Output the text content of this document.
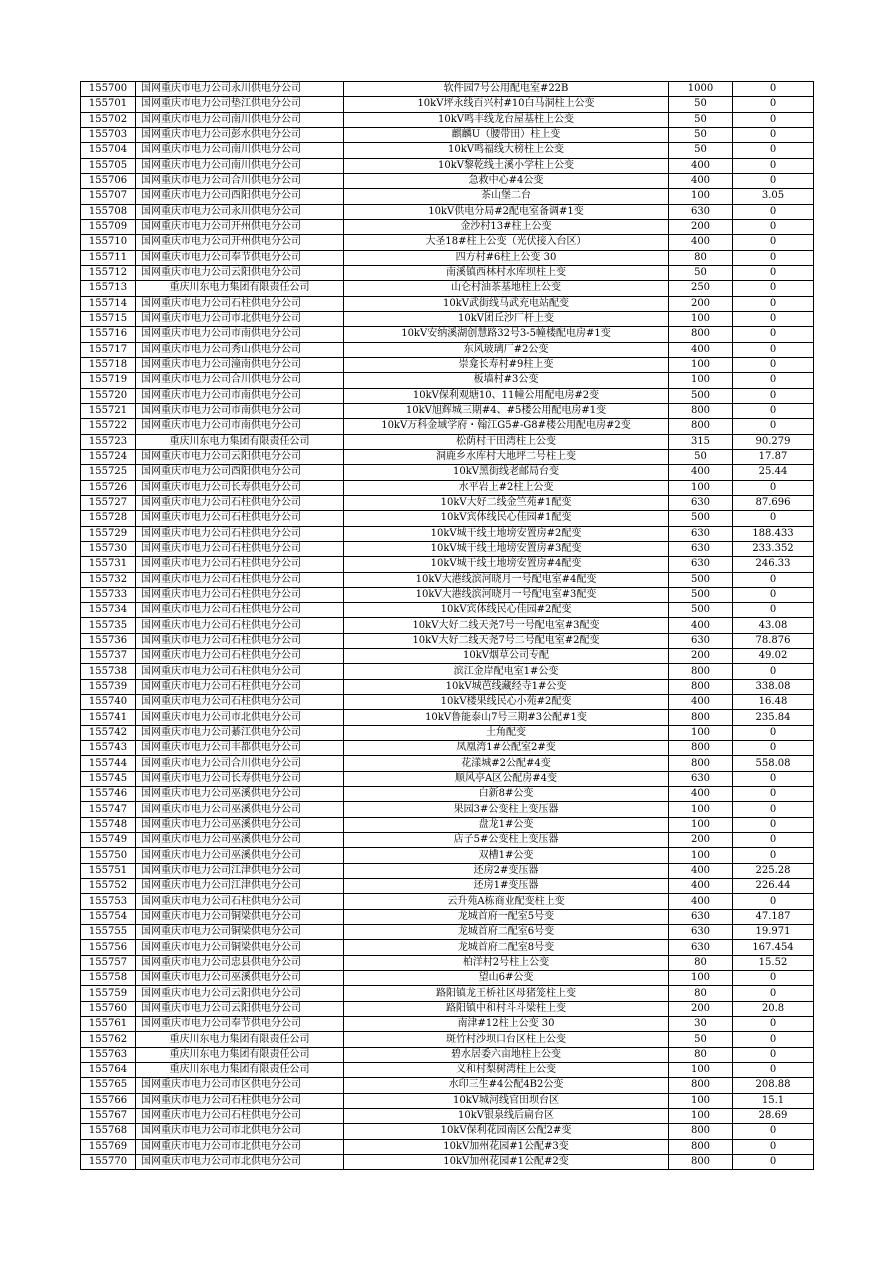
155700	国网重庆市电力公司永川供电分公司	软件园7号公用配电室#22B	1000	0
155701	国网重庆市电力公司垫江供电分公司	10kV坪永线百兴村#10白马洞柱上公变	50	0
155702	国网重庆市电力公司南川供电分公司	10kV鸣丰线龙台屋基柱上公变	50	0
155703	国网重庆市电力公司彭水供电分公司	麒麟U（腰带田）柱上变	50	0
155704	国网重庆市电力公司南川供电分公司	10kV鸣福线大榜柱上公变	50	0
155705	国网重庆市电力公司南川供电分公司	10kV黎乾线土溪小学柱上公变	400	0
155706	国网重庆市电力公司合川供电分公司	急救中心#4公变	400	0
155707	国网重庆市电力公司酉阳供电分公司	茶山堡二台	100	3.05
155708	国网重庆市电力公司永川供电分公司	10kV供电分局#2配电室备调#1变	630	0
155709	国网重庆市电力公司开州供电分公司	金沙村13#柱上公变	200	0
155710	国网重庆市电力公司开州供电分公司	大圣18#柱上公变（光伏接入台区）	400	0
155711	国网重庆市电力公司奉节供电分公司	四方村#6柱上公变 30	80	0
155712	国网重庆市电力公司云阳供电分公司	南溪镇西林村水库坝柱上变	50	0
155713	重庆川东电力集团有限责任公司	山仑村油茶基地柱上公变	250	0
155714	国网重庆市电力公司石柱供电分公司	10kV武街线马武充电站配变	200	0
155715	国网重庆市电力公司市北供电分公司	10kV团丘沙厂杆上变	100	0
155716	国网重庆市电力公司市南供电分公司	10kV安纳溪湖创慧路32号3-5幢楼配电房#1变	800	0
155717	国网重庆市电力公司秀山供电分公司	东风玻璃厂#2公变	400	0
155718	国网重庆市电力公司潼南供电分公司	崇龛长寿村#9柱上变	100	0
155719	国网重庆市电力公司合川供电分公司	板墙村#3公变	100	0
155720	国网重庆市电力公司市南供电分公司	10kV保利观塘10、11幢公用配电房#2变	500	0
155721	国网重庆市电力公司市南供电分公司	10kV旭辉城三期#4、#5楼公用配电房#1变	800	0
155722	国网重庆市电力公司市南供电分公司	10kV万科金域学府・翰江G5#-G8#楼公用配电房#2变	800	0
155723	重庆川东电力集团有限责任公司	松荫村干田湾柱上公变	315	90.279
155724	国网重庆市电力公司云阳供电分公司	洞鹿乡水库村大地坪二号柱上变	50	17.87
155725	国网重庆市电力公司酉阳供电分公司	10kV黑街线老邮局台变	400	25.44
155726	国网重庆市电力公司长寿供电分公司	水平岩上#2柱上公变	100	0
155727	国网重庆市电力公司石柱供电分公司	10kV大好二线金竺苑#1配变	630	87.696
155728	国网重庆市电力公司石柱供电分公司	10kV宾体线民心佳园#1配变	500	0
155729	国网重庆市电力公司石柱供电分公司	10kV城干线土地塝安置房#2配变	630	188.433
155730	国网重庆市电力公司石柱供电分公司	10kV城干线土地塝安置房#3配变	630	233.352
155731	国网重庆市电力公司石柱供电分公司	10kV城干线土地塝安置房#4配变	630	246.33
155732	国网重庆市电力公司石柱供电分公司	10kV大港线滨河晓月一号配电室#4配变	500	0
155733	国网重庆市电力公司石柱供电分公司	10kV大港线滨河晓月一号配电室#3配变	500	0
155734	国网重庆市电力公司石柱供电分公司	10kV宾体线民心佳园#2配变	500	0
155735	国网重庆市电力公司石柱供电分公司	10kV大好二线天尧7号一号配电室#3配变	400	43.08
155736	国网重庆市电力公司石柱供电分公司	10kV大好二线天尧7号二号配电室#2配变	630	78.876
155737	国网重庆市电力公司石柱供电分公司	10kV烟草公司专配	200	49.02
155738	国网重庆市电力公司石柱供电分公司	滨江金岸配电室1#公变	800	0
155739	国网重庆市电力公司石柱供电分公司	10kV城芭线藏经寺1#公变	800	338.08
155740	国网重庆市电力公司石柱供电分公司	10kV楼果线民心小苑#2配变	400	16.48
155741	国网重庆市电力公司市北供电分公司	10kV鲁能泰山7号三期#3公配#1变	800	235.84
155742	国网重庆市电力公司綦江供电分公司	土角配变	100	0
155743	国网重庆市电力公司丰都供电分公司	凤凰湾1#公配室2#变	800	0
155744	国网重庆市电力公司合川供电分公司	花漾城#2公配#4变	800	558.08
155745	国网重庆市电力公司长寿供电分公司	顺风亭A区公配房#4变	630	0
155746	国网重庆市电力公司巫溪供电分公司	白新8#公变	400	0
155747	国网重庆市电力公司巫溪供电分公司	果园3#公变柱上变压器	100	0
155748	国网重庆市电力公司巫溪供电分公司	盘龙1#公变	100	0
155749	国网重庆市电力公司巫溪供电分公司	店子5#公变柱上变压器	200	0
155750	国网重庆市电力公司巫溪供电分公司	双槽1#公变	100	0
155751	国网重庆市电力公司江津供电分公司	还房2#变压器	400	225.28
155752	国网重庆市电力公司江津供电分公司	还房1#变压器	400	226.44
155753	国网重庆市电力公司石柱供电分公司	云升苑A栋商业配变柱上变	400	0
155754	国网重庆市电力公司铜梁供电分公司	龙城首府一配室5号变	630	47.187
155755	国网重庆市电力公司铜梁供电分公司	龙城首府二配室6号变	630	19.971
155756	国网重庆市电力公司铜梁供电分公司	龙城首府二配室8号变	630	167.454
155757	国网重庆市电力公司忠县供电分公司	柏洋村2号柱上公变	80	15.52
155758	国网重庆市电力公司巫溪供电分公司	望山6#公变	100	0
155759	国网重庆市电力公司云阳供电分公司	路阳镇龙王桥社区母猪笼柱上变	80	0
155760	国网重庆市电力公司云阳供电分公司	路阳镇中和村斗斗梁柱上变	200	20.8
155761	国网重庆市电力公司奉节供电分公司	南津#12柱上公变 30	30	0
155762	重庆川东电力集团有限责任公司	斑竹村沙坝口台区柱上公变	50	0
155763	重庆川东电力集团有限责任公司	碧水居委六亩地柱上公变	80	0
155764	重庆川东电力集团有限责任公司	义和村梨树湾柱上公变	100	0
155765	国网重庆市电力公司市区供电分公司	水印三生#4公配4B2公变	800	208.88
155766	国网重庆市电力公司石柱供电分公司	10kV城河线官田坝台区	100	15.1
155767	国网重庆市电力公司石柱供电分公司	10kV银泉线后扁台区	100	28.69
155768	国网重庆市电力公司市北供电分公司	10kV保利花园南区公配2#变	800	0
155769	国网重庆市电力公司市北供电分公司	10kV加州花园#1公配#3变	800	0
155770	国网重庆市电力公司市北供电分公司	10kV加州花园#1公配#2变	800	0
